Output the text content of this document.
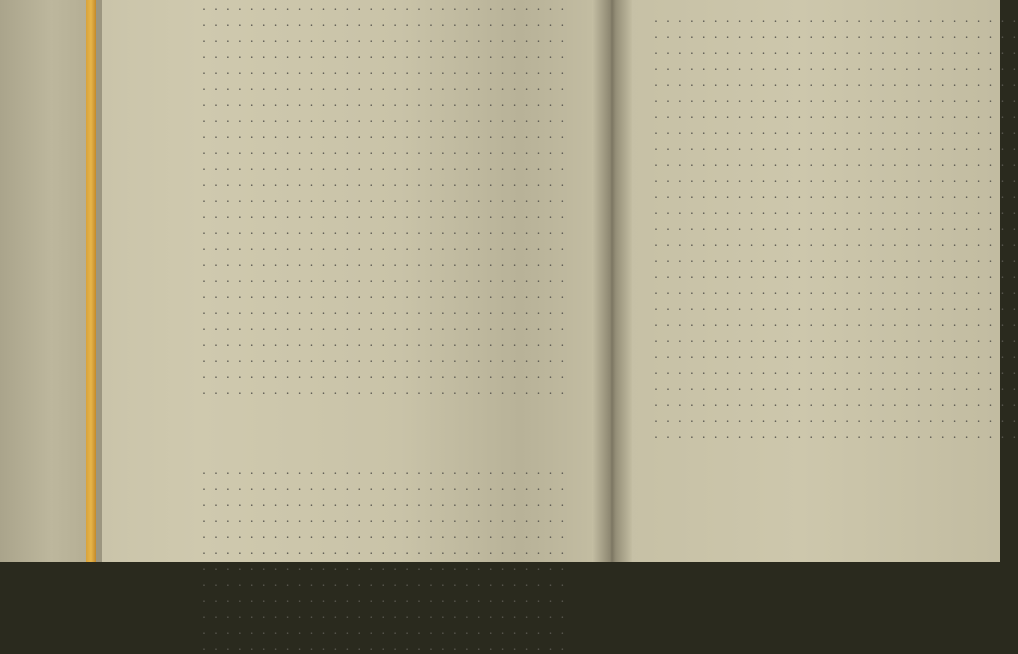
. . . . . . . . . . . . . . . . . . . . . . . . . . . . . . .
. . . . . . . . . . . . . . . . . . . . . . . . . . . . . . .
. . . . . . . . . . . . . . . . . . . . . . . . . . . . . . .
. . . . . . . . . . . . . . . . . . . . . . . . . . . . . . .
. . . . . . . . . . . . . . . . . . . . . . . . . . . . . . .
. . . . . . . . . . . . . . . . . . . . . . . . . . . . . . .
. . . . . . . . . . . . . . . . . . . . . . . . . . . . . . .
. . . . . . . . . . . . . . . . . . . . . . . . . . . . . . .
. . . . . . . . . . . . . . . . . . . . . . . . . . . . . . .
. . . . . . . . . . . . . . . . . . . . . . . . . . . . . . .
. . . . . . . . . . . . . . . . . . . . . . . . . . . . . . .
. . . . . . . . . . . . . . . . . . . . . . . . . . . . . . .
. . . . . . . . . . . . . . . . . . . . . . . . . . . . . . .
. . . . . . . . . . . . . . . . . . . . . . . . . . . . . . .
. . . . . . . . . . . . . . . . . . . . . . . . . . . . . . .
. . . . . . . . . . . . . . . . . . . . . . . . . . . . . . .
. . . . . . . . . . . . . . . . . . . . . . . . . . . . . . .
. . . . . . . . . . . . . . . . . . . . . . . . . . . . . . .
. . . . . . . . . . . . . . . . . . . . . . . . . . . . . . .
. . . . . . . . . . . . . . . . . . . . . . . . . . . . . . .
. . . . . . . . . . . . . . . . . . . . . . . . . . . . . . .
. . . . . . . . . . . . . . . . . . . . . . . . . . . . . . .
. . . . . . . . . . . . . . . . . . . . . . . . . . . . . . .
. . . . . . . . . . . . . . . . . . . . . . . . . . . . . . .
. . . . . . . . . . . . . . . . . . . . . . . . . . . . . . .
. . . . . . . . . . . . . . . . . . . . . . . . . . . . . . .
. . . . . . . . . . . . . . . . . . . . . . . . . . . . . . .
. . . . . . . . . . . . . . . . . . . . . . . . . . . . . . .
. . . . . . . . . . . . . . . . . . . . . . . . . . . . . . .
. . . . . . . . . . . . . . . . . . . . . . . . . . . . . . .
. . . . . . . . . . . . . . . . . . . . . . . . . . . . . . .
. . . . . . . . . . . . . . . . . . . . . . . . . . . . . . .
. . . . . . . . . . . . . . . . . . . . . . . . . . . . . . .
. . . . . . . . . . . . . . . . . . . . . . . . . . . . . . .
. . . . . . . . . . . . . . . . . . . . . . . . . . . . . . .
. . . . . . . . . . . . . . . . . . . . . . . . . . . . . . .
. . . . . . . . . . . . . . . . . . . . . . . . . . . . . . .
. . . . . . . . . . . . . . . . . . . . . . . . . . . . . . .
. . . . . . . . . . . . . . . . . . . . . . . . . . . . . . .
. . . . . . . . . . . . . . . . . . . . . . . . . . . . . . .
. . . . . . . . . . . . . . . . . . . . . . . . . . . . . . .
. . . . . . . . . . . . . . . . . . . . . . . . . . . . . . .
. . . . . . . . . . . . . . . . . . . . . . . . . . . . . . .
. . . . . . . . . . . . . . . . . . . . . . . . . . . . . . .
. . . . . . . . . . . . . . . . . . . . . . . . . . . . . . .
. . . . . . . . . . . . . . . . . . . . . . . . . . . . . . .
. . . . . . . . . . . . . . . . . . . . . . . . . . . . . . .
. . . . . . . . . . . . . . . . . . . . . . . . . . . . . . .
. . . . . . . . . . . . . . . . . . . . . . . . . . . . . . .
. . . . . . . . . . . . . . . . . . . . . . . . . . . . . . .
. . . . . . . . . . . . . . . . . . . . . . . . . . . . . . .
. . . . . . . . . . . . . . . . . . . . . . . . . . . . . . .
. . . . . . . . . . . . . . . . . . . . . . . . . . . . . . .
. . . . . . . . . . . . . . . . . . . . . . . . . . . . . . .
. . . . . . . . . . . . . . . . . . . . . . . . . . . . . . .
. . . . . . . . . . . . . . . . . . . . . . . . . . . . . . .
. . . . . . . . . . . . . . . . . . . . . . . . . . . . . . .
. . . . . . . . . . . . . . . . . . . . . . . . . . . . . . .
. . . . . . . . . . . . . . . . . . . . . . . . . . . . . . .
. . . . . . . . . . . . . . . . . . . . . . . . . . . . . . .
. . . . . . . . . . . . . . . . . . . . . . . . . . . . . . .
. . . . . . . . . . . . . . . . . . . . . . . . . . . . . . .
. . . . . . . . . . . . . . . . . . . . . . . . . . . . . . .
. . . . . . . . . . . . . . . . . . . . . . . . . . . . . . .
